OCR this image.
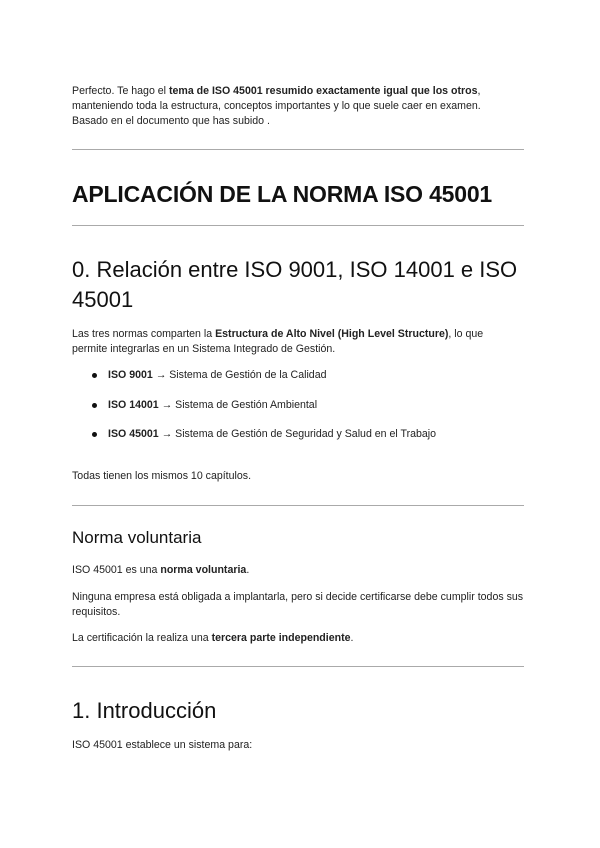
Perfecto. Te hago el tema de ISO 45001 resumido exactamente igual que los otros,
manteniendo toda la estructura, conceptos importantes y lo que suele caer en examen.
Basado en el documento que has subido .

APLICACIÓN DE LA NORMA ISO 45001
0. Relación entre ISO 9001, ISO 14001 e ISO 45001

Las tres normas comparten la Estructura de Alto Nivel (High Level Structure), lo que
permite integrarlas en un Sistema Integrado de Gestión.

ISO 9001 → Sistema de Gestión de la Calidad
ISO 14001 → Sistema de Gestión Ambiental
ISO 45001 → Sistema de Gestión de Seguridad y Salud en el Trabajo

Todas tienen los mismos 10 capítulos.

Norma voluntaria

ISO 45001 es una norma voluntaria.

Ninguna empresa está obligada a implantarla, pero si decide certificarse debe cumplir todos sus requisitos.

La certificación la realiza una tercera parte independiente.

1. Introducción

ISO 45001 establece un sistema para:
